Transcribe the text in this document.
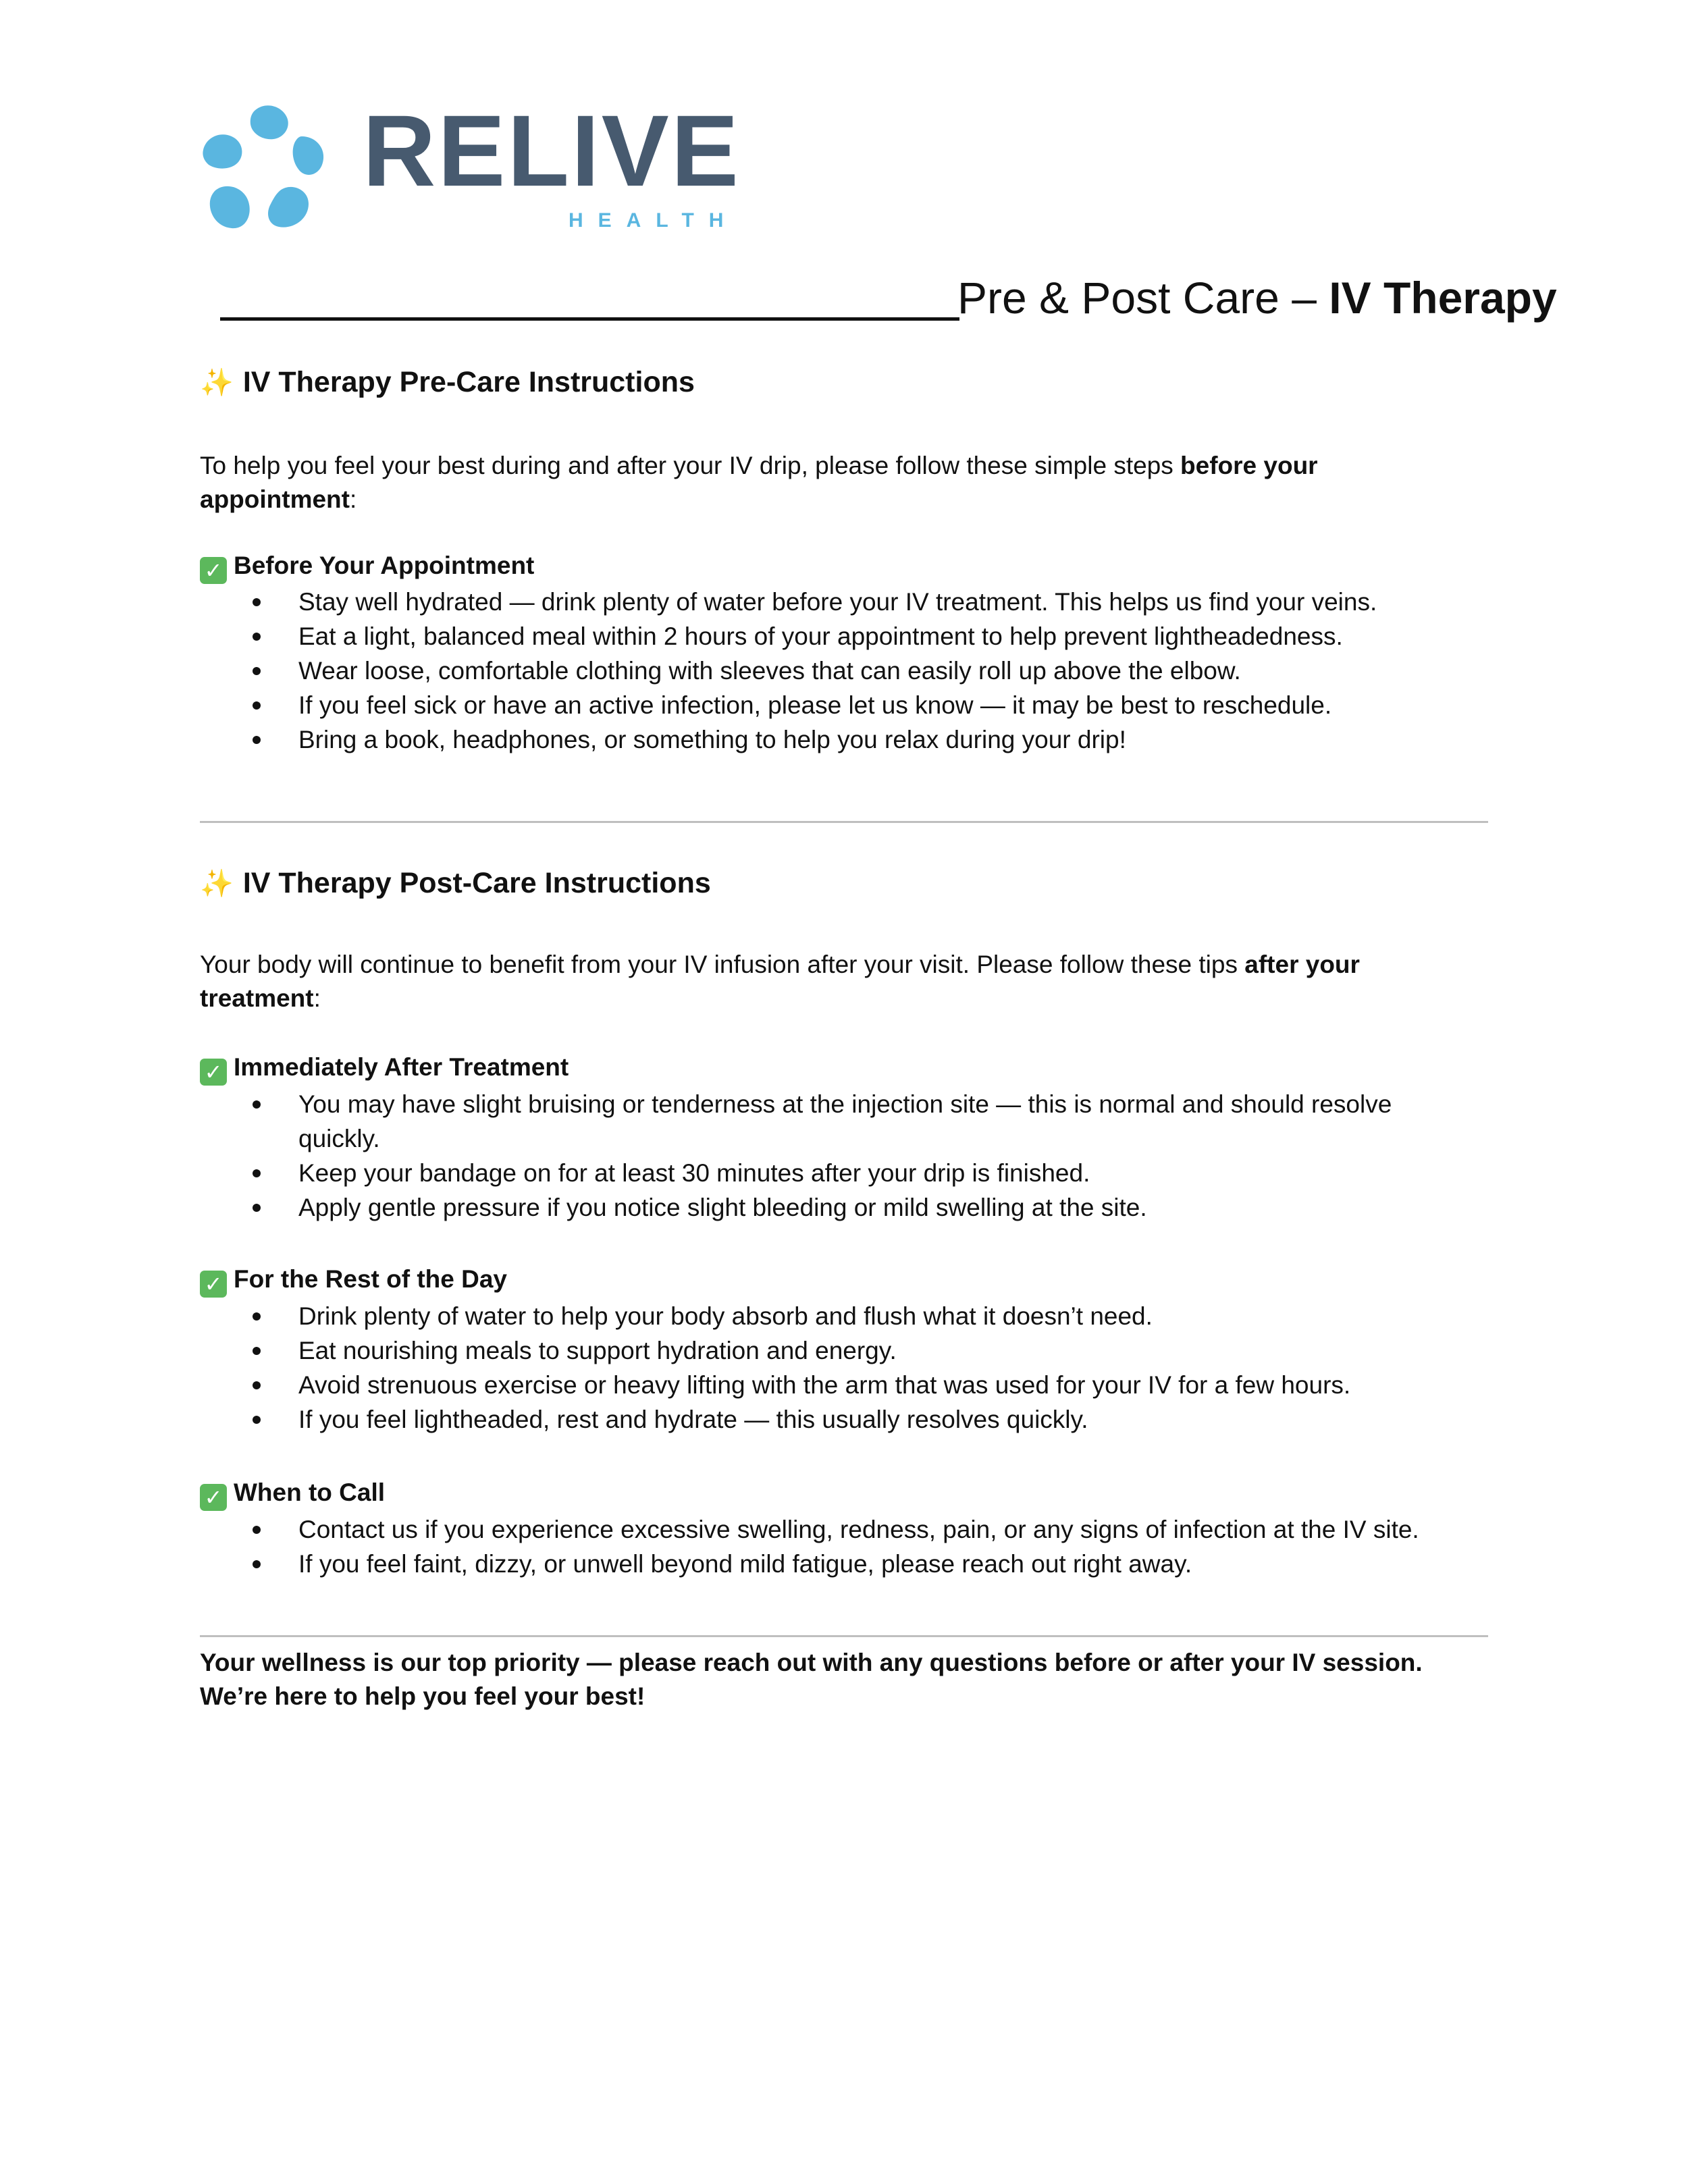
RELIVE
HEALTH
Pre & Post Care – IV Therapy
✨ IV Therapy Pre-Care Instructions
To help you feel your best during and after your IV drip, please follow these simple steps before your appointment:
✓ Before Your Appointment
Stay well hydrated — drink plenty of water before your IV treatment. This helps us find your veins.
Eat a light, balanced meal within 2 hours of your appointment to help prevent lightheadedness.
Wear loose, comfortable clothing with sleeves that can easily roll up above the elbow.
If you feel sick or have an active infection, please let us know — it may be best to reschedule.
Bring a book, headphones, or something to help you relax during your drip!
✨ IV Therapy Post-Care Instructions
Your body will continue to benefit from your IV infusion after your visit. Please follow these tips after your treatment:
✓ Immediately After Treatment
You may have slight bruising or tenderness at the injection site — this is normal and should resolve quickly.
Keep your bandage on for at least 30 minutes after your drip is finished.
Apply gentle pressure if you notice slight bleeding or mild swelling at the site.
✓ For the Rest of the Day
Drink plenty of water to help your body absorb and flush what it doesn’t need.
Eat nourishing meals to support hydration and energy.
Avoid strenuous exercise or heavy lifting with the arm that was used for your IV for a few hours.
If you feel lightheaded, rest and hydrate — this usually resolves quickly.
✓ When to Call
Contact us if you experience excessive swelling, redness, pain, or any signs of infection at the IV site.
If you feel faint, dizzy, or unwell beyond mild fatigue, please reach out right away.
Your wellness is our top priority — please reach out with any questions before or after your IV session. We’re here to help you feel your best!
